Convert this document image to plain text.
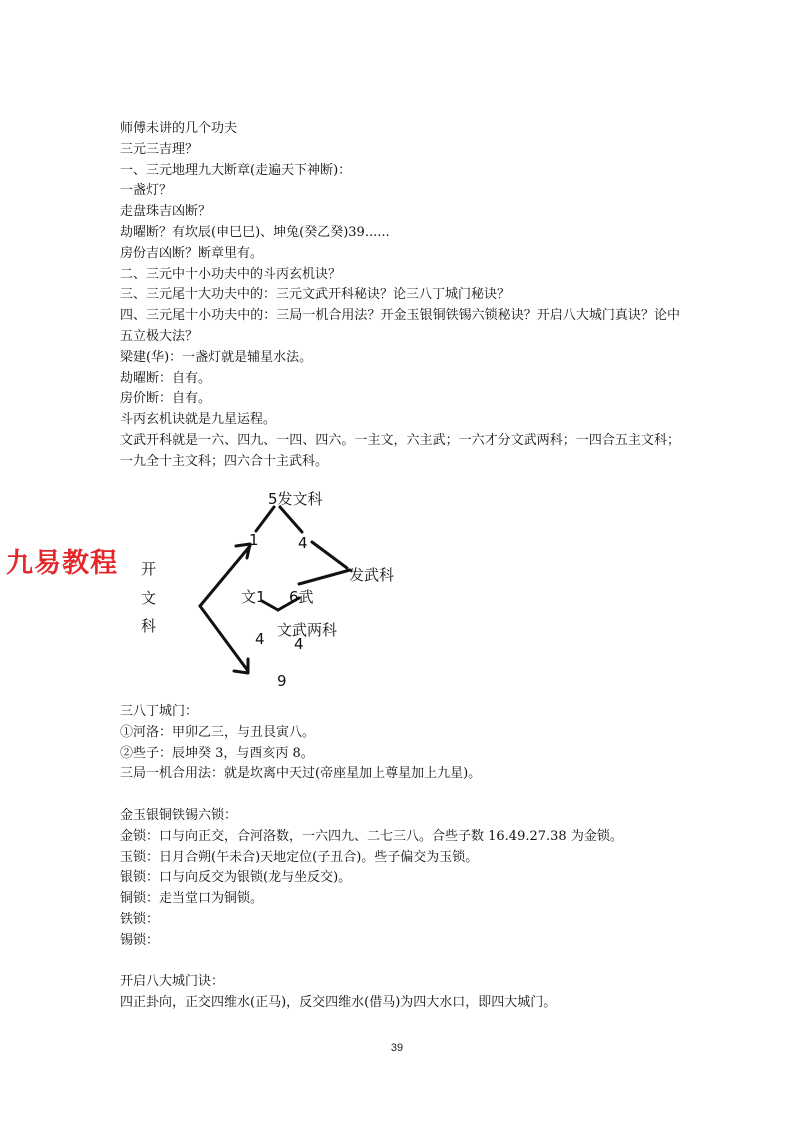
师傅未讲的几个功夫

三元三吉理？

一、三元地理九大断章(走遍天下神断)：

一盏灯？

走盘珠吉凶断？

劫曜断？有坎辰(申巳巳)、坤兔(癸乙癸)39......

房份吉凶断？断章里有。

二、三元中十小功夫中的斗丙玄机诀？

三、三元尾十大功夫中的：三元文武开科秘诀？论三八丁城门秘诀？

四、三元尾十小功夫中的：三局一机合用法？开金玉银铜铁锡六锁秘诀？开启八大城门真诀？论中五立极大法？

梁建(华)：一盏灯就是辅星水法。

劫曜断：自有。

房价断：自有。

斗丙玄机诀就是九星运程。

文武开科就是一六、四九、一四、四六。一主文，六主武；一六才分文武两科；一四合五主文科；一九全十主文科；四六合十主武科。

5发文科
1	4
发武科
文1 6武
4 文武两科
4
9
开
文
科
九易教程

三八丁城门：

①河洛：甲卯乙三，与丑艮寅八。

②些子：辰坤癸 3，与酉亥丙 8。

三局一机合用法：就是坎离中天过(帝座星加上尊星加上九星)。

金玉银铜铁锡六锁：

金锁：口与向正交，合河洛数，一六四九、二七三八。合些子数 16.49.27.38 为金锁。

玉锁：日月合朔(午未合)天地定位(子丑合)。些子偏交为玉锁。

银锁：口与向反交为银锁(龙与坐反交)。

铜锁：走当堂口为铜锁。

铁锁：

锡锁：

开启八大城门诀：

四正卦向，正交四维水(正马)，反交四维水(借马)为四大水口，即四大城门。

39
